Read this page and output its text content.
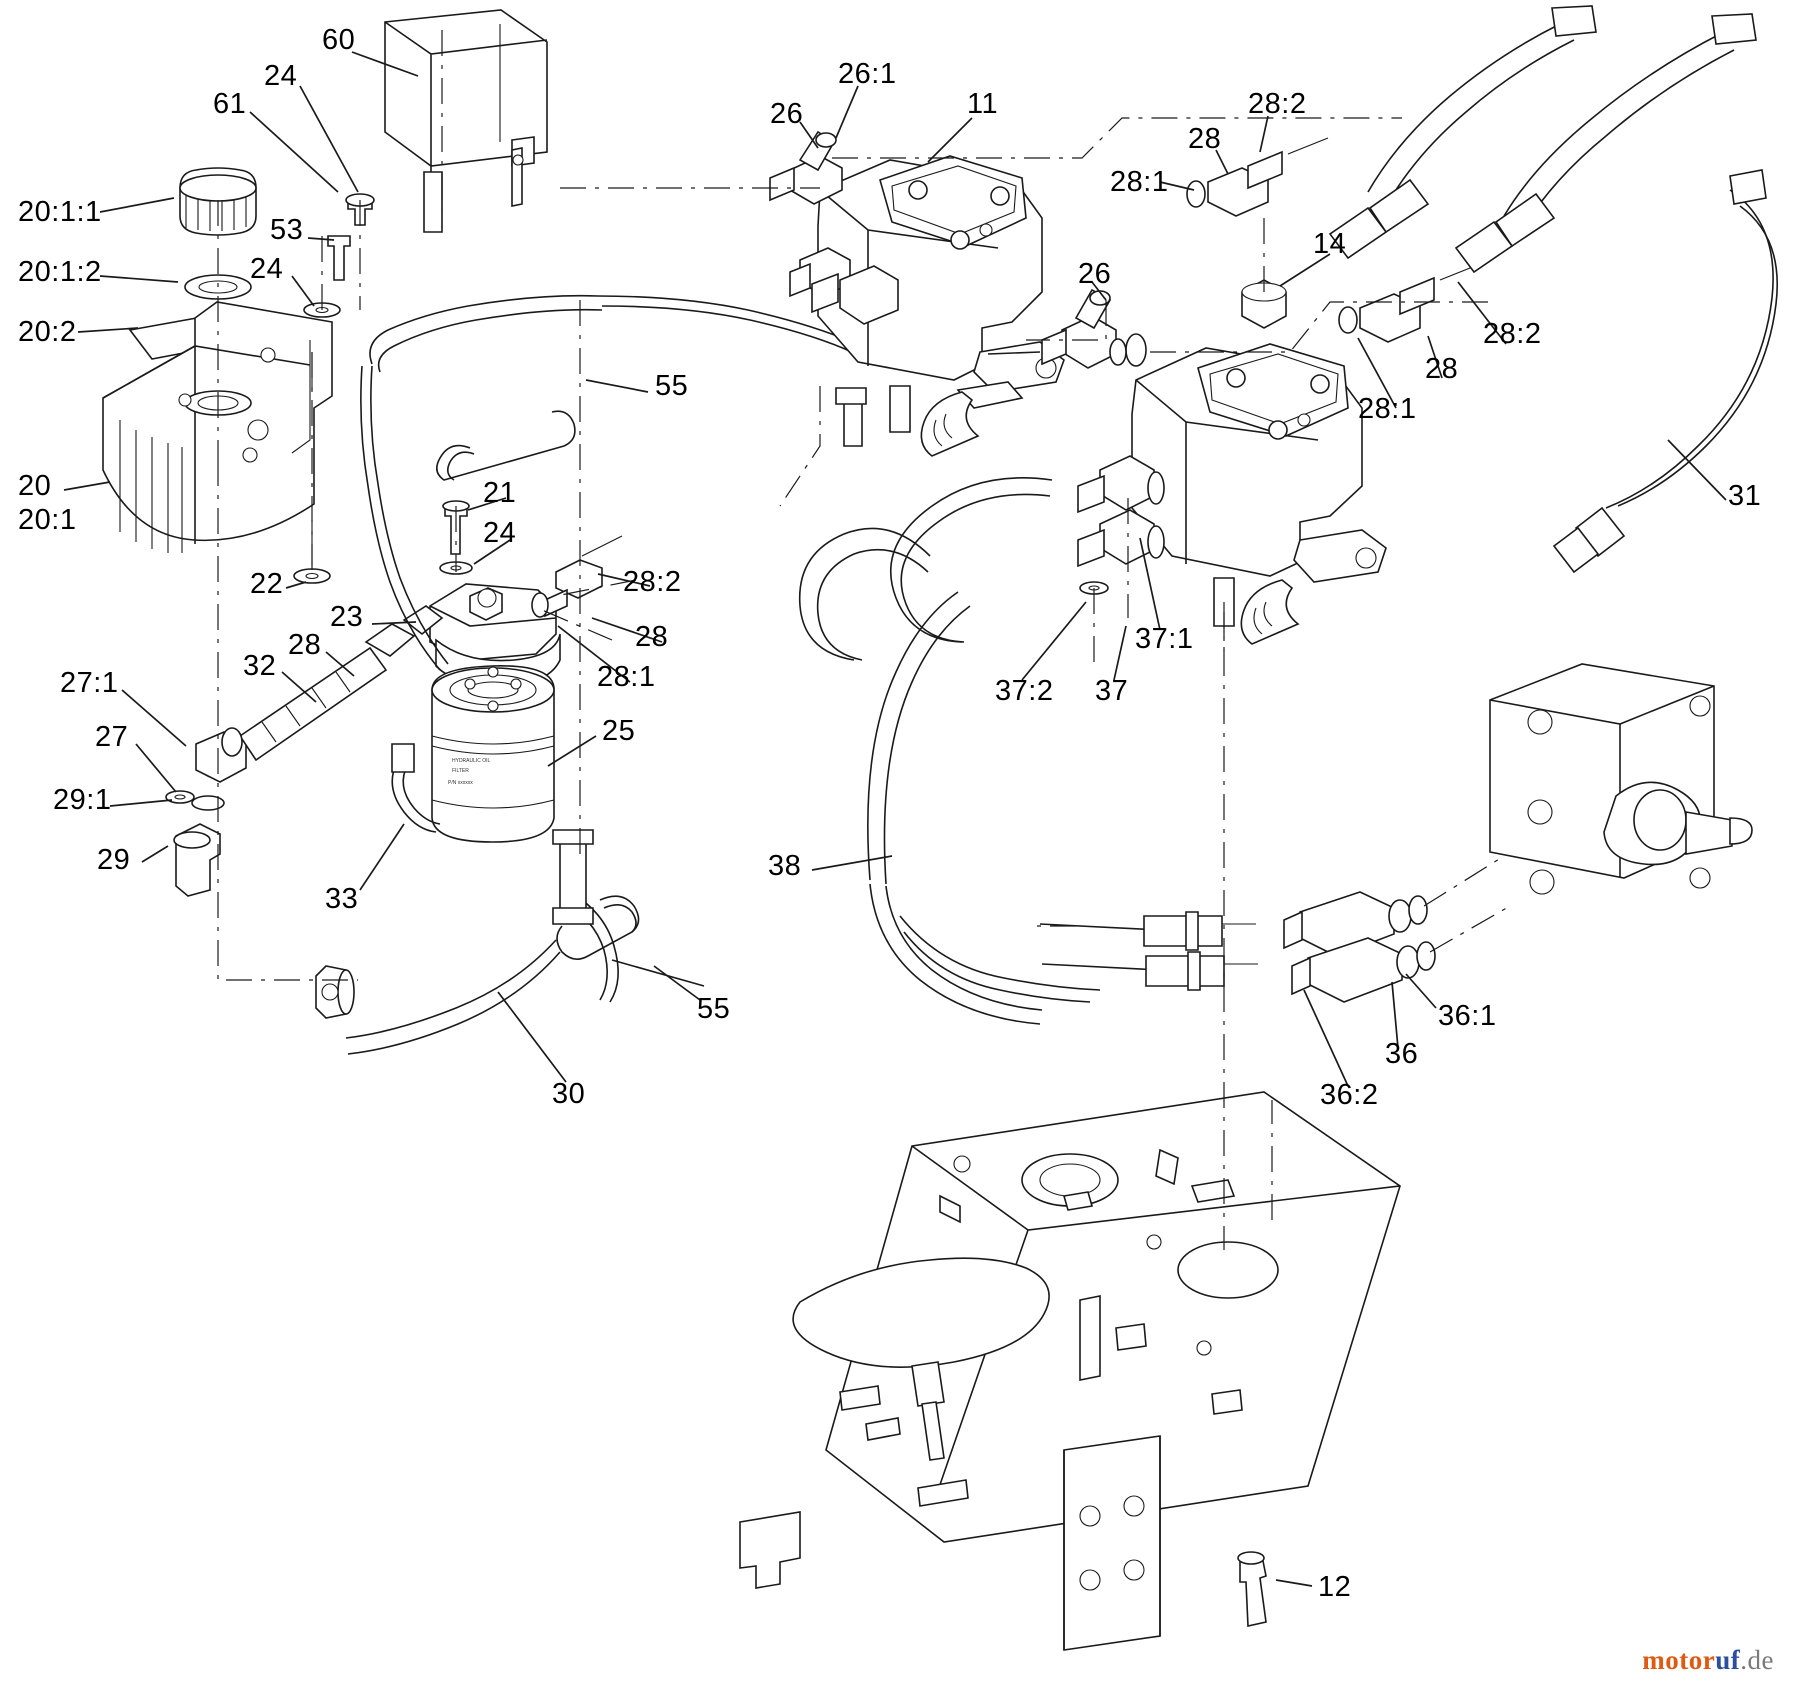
HYDRAULIC OIL
FILTER
P/N xxxxxx
20:1:1
20:1:2
20:2
20
20:1
61
24
60
53
24
22
27:1
27
29:1
29
32
28
23
21
24
28:2
28
28:1
25
33
55
55
30
26
26:1
11
28:1
28
28:2
26
14
28:2
28
28:1
31
37:1
37
37:2
38
36:1
36
36:2
12
motoruf.de
